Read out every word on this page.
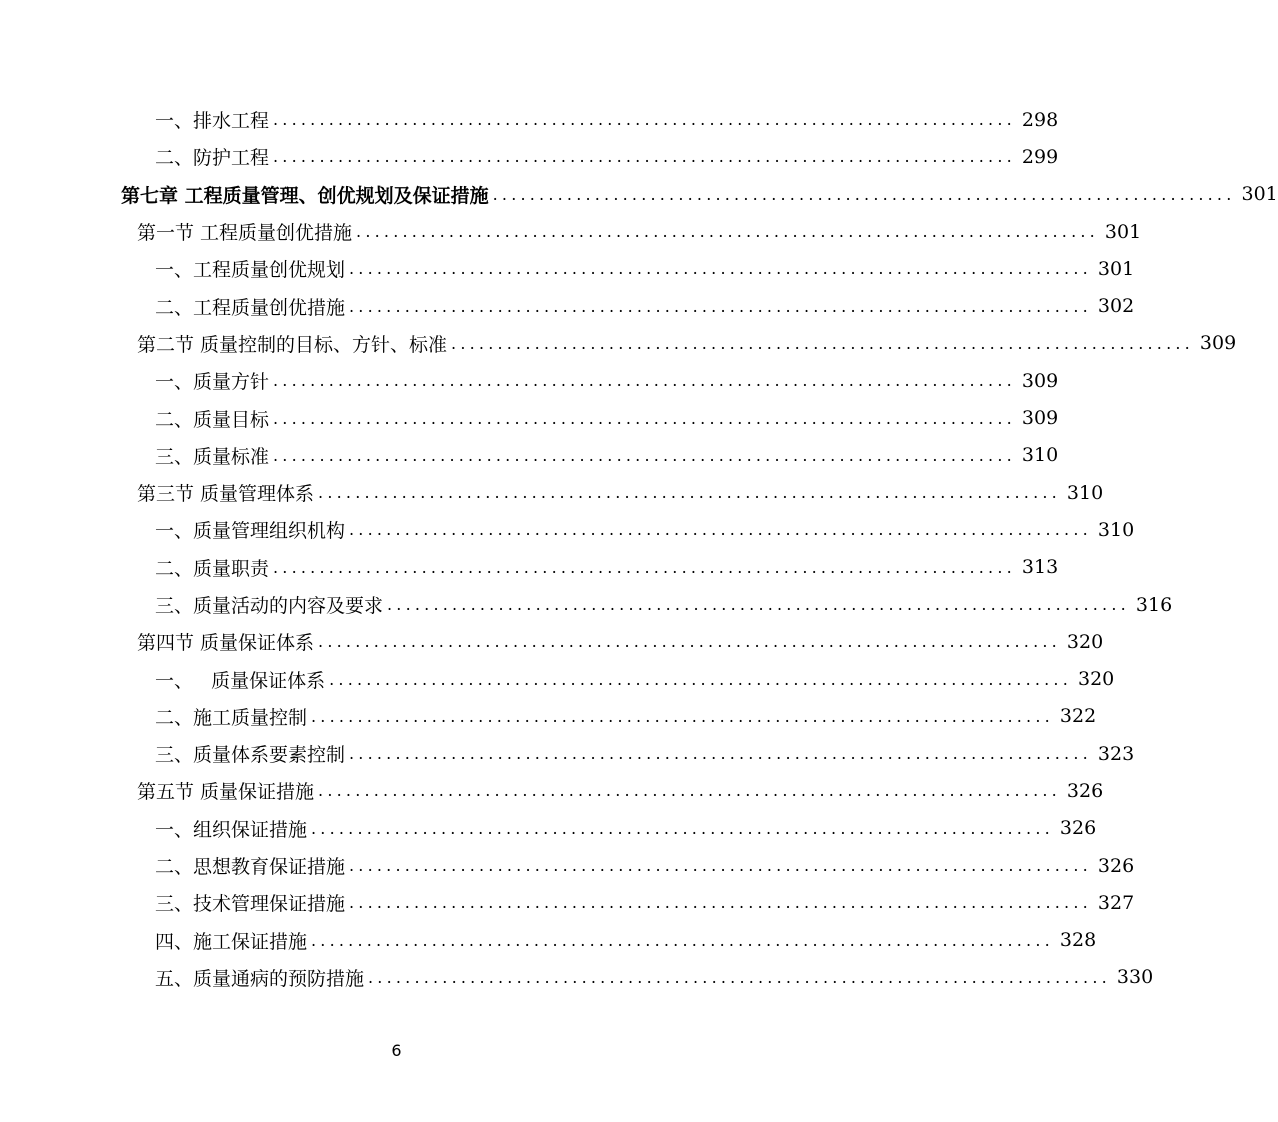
一、排水工程 ................................................................................ 298
二、防护工程 ................................................................................ 299
第七章 工程质量管理、创优规划及保证措施 ................................................................................ 301
第一节 工程质量创优措施 ................................................................................ 301
一、工程质量创优规划 ................................................................................ 301
二、工程质量创优措施 ................................................................................ 302
第二节 质量控制的目标、方针、标准 ................................................................................ 309
一、质量方针 ................................................................................ 309
二、质量目标 ................................................................................ 309
三、质量标准 ................................................................................ 310
第三节 质量管理体系 ................................................................................ 310
一、质量管理组织机构 ................................................................................ 310
二、质量职责 ................................................................................ 313
三、质量活动的内容及要求 ................................................................................ 316
第四节 质量保证体系 ................................................................................ 320
一、   质量保证体系 ................................................................................ 320
二、施工质量控制 ................................................................................ 322
三、质量体系要素控制 ................................................................................ 323
第五节 质量保证措施 ................................................................................ 326
一、组织保证措施 ................................................................................ 326
二、思想教育保证措施 ................................................................................ 326
三、技术管理保证措施 ................................................................................ 327
四、施工保证措施 ................................................................................ 328
五、质量通病的预防措施 ................................................................................ 330
6
